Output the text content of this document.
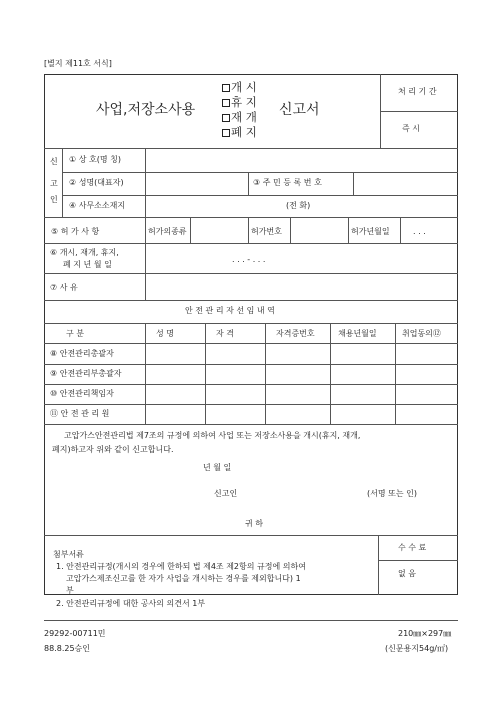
[별지 제11호 서식]
사업,저장소사용
개 시
휴 지
재 개
폐 지
신고서
처 리 기 간
즉 시
신
고
인
① 상 호(명 칭)
② 성명(대표자)	③ 주 민 등 록 번 호
④ 사무소소재지	(전 화)
⑤ 허 가 사 항	허가의종류	허가번호	허가년월일	. . .
⑥ 개시, 재개, 휴지,
폐 지 년 월 일
. . . - . . .
⑦ 사 유
안 전 관 리 자 선 임 내 역
구 분	성 명	자 격	자격증번호	채용년월일	취업동의⑫
⑧ 안전관리총괄자
⑨ 안전관리부총괄자
⑩ 안전관리책임자
⑪ 안 전 관 리 원
고압가스안전관리법 제7조의 규정에 의하여 사업 또는 저장소사용을 개시(휴지, 재개,
폐지)하고자 위와 같이 신고합니다.
년 월 일
신고인	(서명 또는 인)
귀 하
수 수 료
없 음
첨부서류
1. 안전관리규정(개시의 경우에 한하되 법 제4조 제2항의 규정에 의하여
고압가스제조신고를 한 자가 사업을 개시하는 경우를 제외합니다) 1
부
2. 안전관리규정에 대한 공사의 의견서 1부
29292-00711민
88.8.25승인
210㎜×297㎜
(신문용지54g/㎡)
